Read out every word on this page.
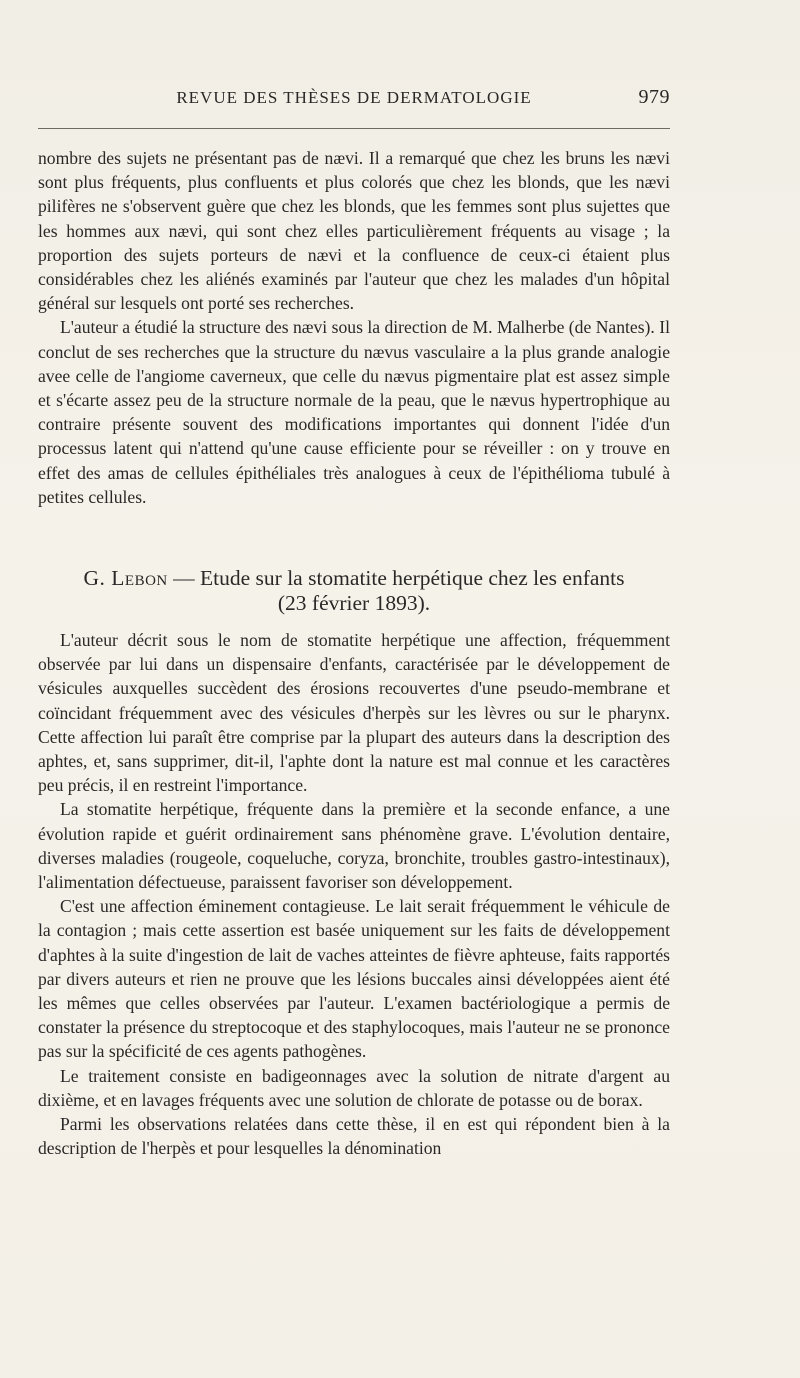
REVUE DES THÈSES DE DERMATOLOGIE	979

nombre des sujets ne présentant pas de nævi. Il a remarqué que chez les bruns les nævi sont plus fréquents, plus confluents et plus colorés que chez les blonds, que les nævi pilifères ne s'observent guère que chez les blonds, que les femmes sont plus sujettes que les hommes aux nævi, qui sont chez elles particulièrement fréquents au visage ; la proportion des sujets porteurs de nævi et la confluence de ceux-ci étaient plus considérables chez les aliénés examinés par l'auteur que chez les malades d'un hôpital général sur lesquels ont porté ses recherches.

L'auteur a étudié la structure des nævi sous la direction de M. Malherbe (de Nantes). Il conclut de ses recherches que la structure du nævus vasculaire a la plus grande analogie avee celle de l'angiome caverneux, que celle du nævus pigmentaire plat est assez simple et s'écarte assez peu de la structure normale de la peau, que le nævus hypertrophique au contraire présente souvent des modifications importantes qui donnent l'idée d'un processus latent qui n'attend qu'une cause efficiente pour se réveiller : on y trouve en effet des amas de cellules épithéliales très analogues à ceux de l'épithélioma tubulé à petites cellules.

G. Lebon — Etude sur la stomatite herpétique chez les enfants
(23 février 1893).

L'auteur décrit sous le nom de stomatite herpétique une affection, fréquemment observée par lui dans un dispensaire d'enfants, caractérisée par le développement de vésicules auxquelles succèdent des érosions recouvertes d'une pseudo-membrane et coïncidant fréquemment avec des vésicules d'herpès sur les lèvres ou sur le pharynx. Cette affection lui paraît être comprise par la plupart des auteurs dans la description des aphtes, et, sans supprimer, dit-il, l'aphte dont la nature est mal connue et les caractères peu précis, il en restreint l'importance.

La stomatite herpétique, fréquente dans la première et la seconde enfance, a une évolution rapide et guérit ordinairement sans phénomène grave. L'évolution dentaire, diverses maladies (rougeole, coqueluche, coryza, bronchite, troubles gastro-intestinaux), l'alimentation défectueuse, paraissent favoriser son développement.

C'est une affection éminement contagieuse. Le lait serait fréquemment le véhicule de la contagion ; mais cette assertion est basée uniquement sur les faits de développement d'aphtes à la suite d'ingestion de lait de vaches atteintes de fièvre aphteuse, faits rapportés par divers auteurs et rien ne prouve que les lésions buccales ainsi développées aient été les mêmes que celles observées par l'auteur. L'examen bactériologique a permis de constater la présence du streptocoque et des staphylocoques, mais l'auteur ne se prononce pas sur la spécificité de ces agents pathogènes.

Le traitement consiste en badigeonnages avec la solution de nitrate d'argent au dixième, et en lavages fréquents avec une solution de chlorate de potasse ou de borax.

Parmi les observations relatées dans cette thèse, il en est qui répondent bien à la description de l'herpès et pour lesquelles la dénomination
